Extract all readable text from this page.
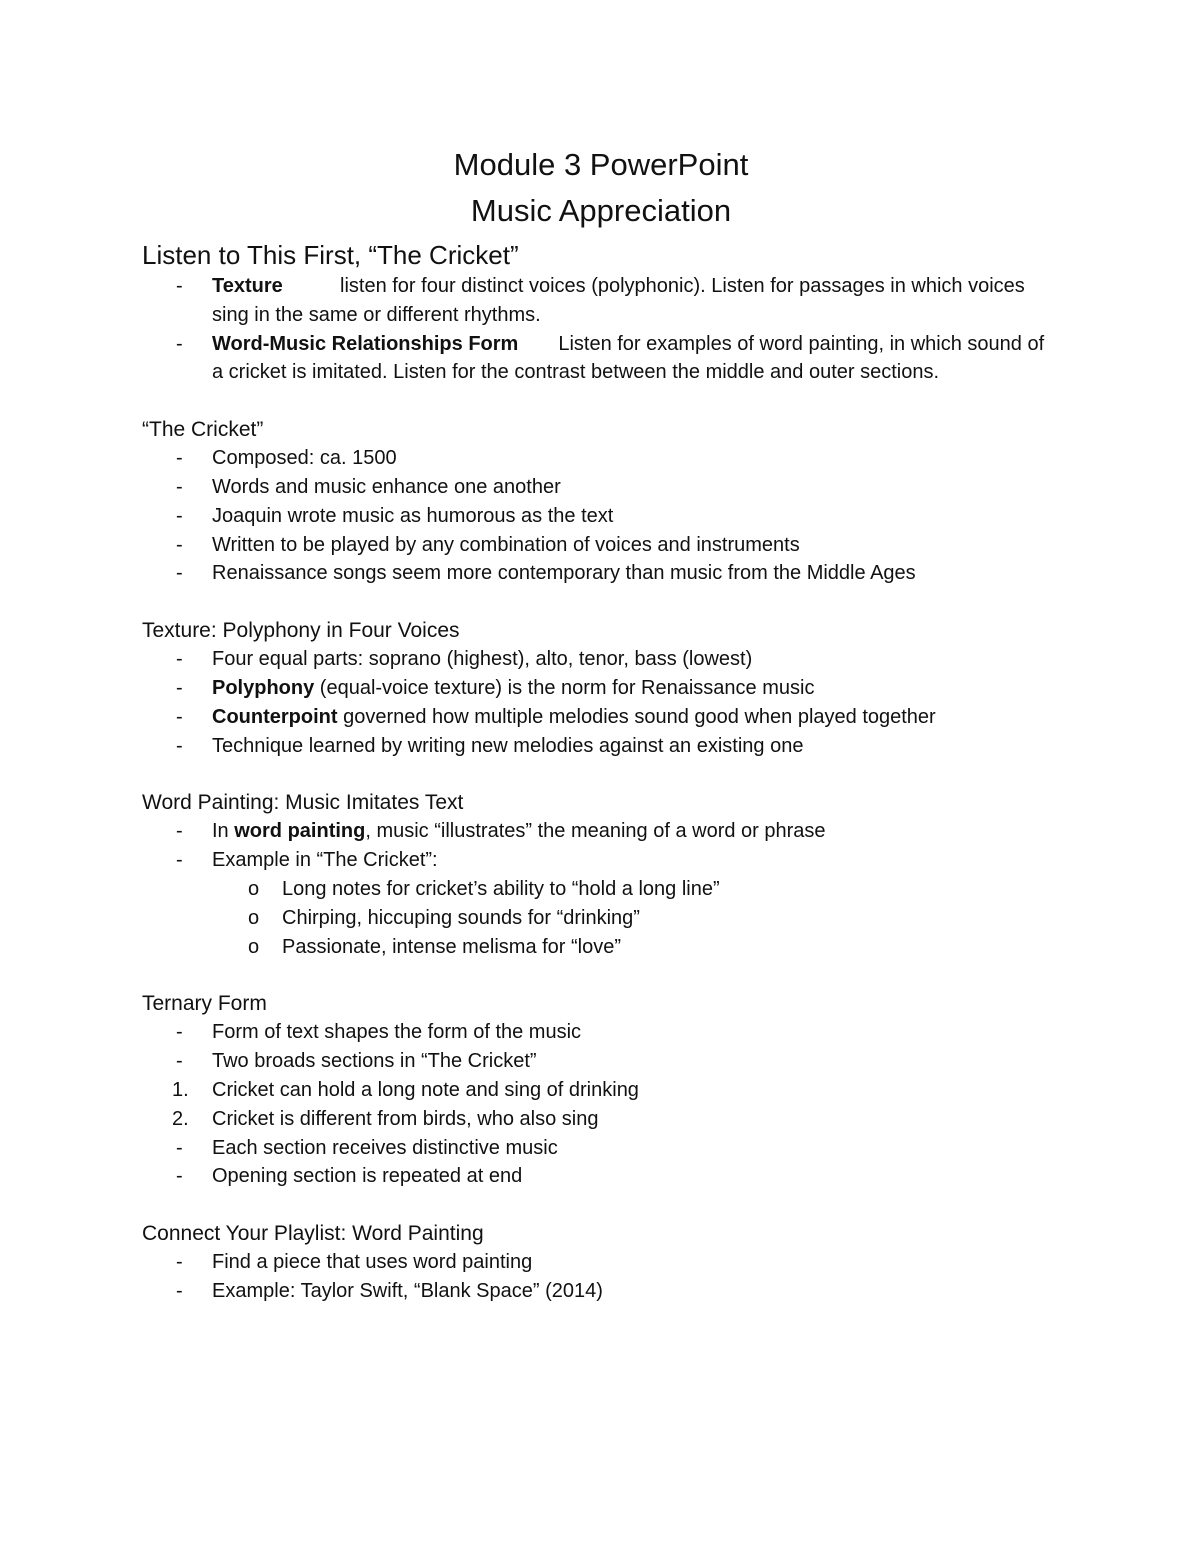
Module 3 PowerPoint
Music Appreciation

Listen to This First, “The Cricket”

-	Texture	listen for four distinct voices (polyphonic). Listen for passages in which voices sing in the same or different rhythms.
-	Word-Music Relationships Form Listen for examples of word painting, in which sound of a cricket is imitated. Listen for the contrast between the middle and outer sections.

“The Cricket”

-	Composed: ca. 1500
-	Words and music enhance one another
-	Joaquin wrote music as humorous as the text
-	Written to be played by any combination of voices and instruments
-	Renaissance songs seem more contemporary than music from the Middle Ages

Texture: Polyphony in Four Voices

-	Four equal parts: soprano (highest), alto, tenor, bass (lowest)
-	Polyphony (equal-voice texture) is the norm for Renaissance music
-	Counterpoint governed how multiple melodies sound good when played together
-	Technique learned by writing new melodies against an existing one

Word Painting: Music Imitates Text

-	In word painting, music “illustrates” the meaning of a word or phrase
-	Example in “The Cricket”:
o Long notes for cricket’s ability to “hold a long line”
o Chirping, hiccuping sounds for “drinking”
o Passionate, intense melisma for “love”

Ternary Form

-	Form of text shapes the form of the music
-	Two broads sections in “The Cricket”
1.	Cricket can hold a long note and sing of drinking
2.	Cricket is different from birds, who also sing
-	Each section receives distinctive music
-	Opening section is repeated at end

Connect Your Playlist: Word Painting

-	Find a piece that uses word painting
-	Example: Taylor Swift, “Blank Space” (2014)
